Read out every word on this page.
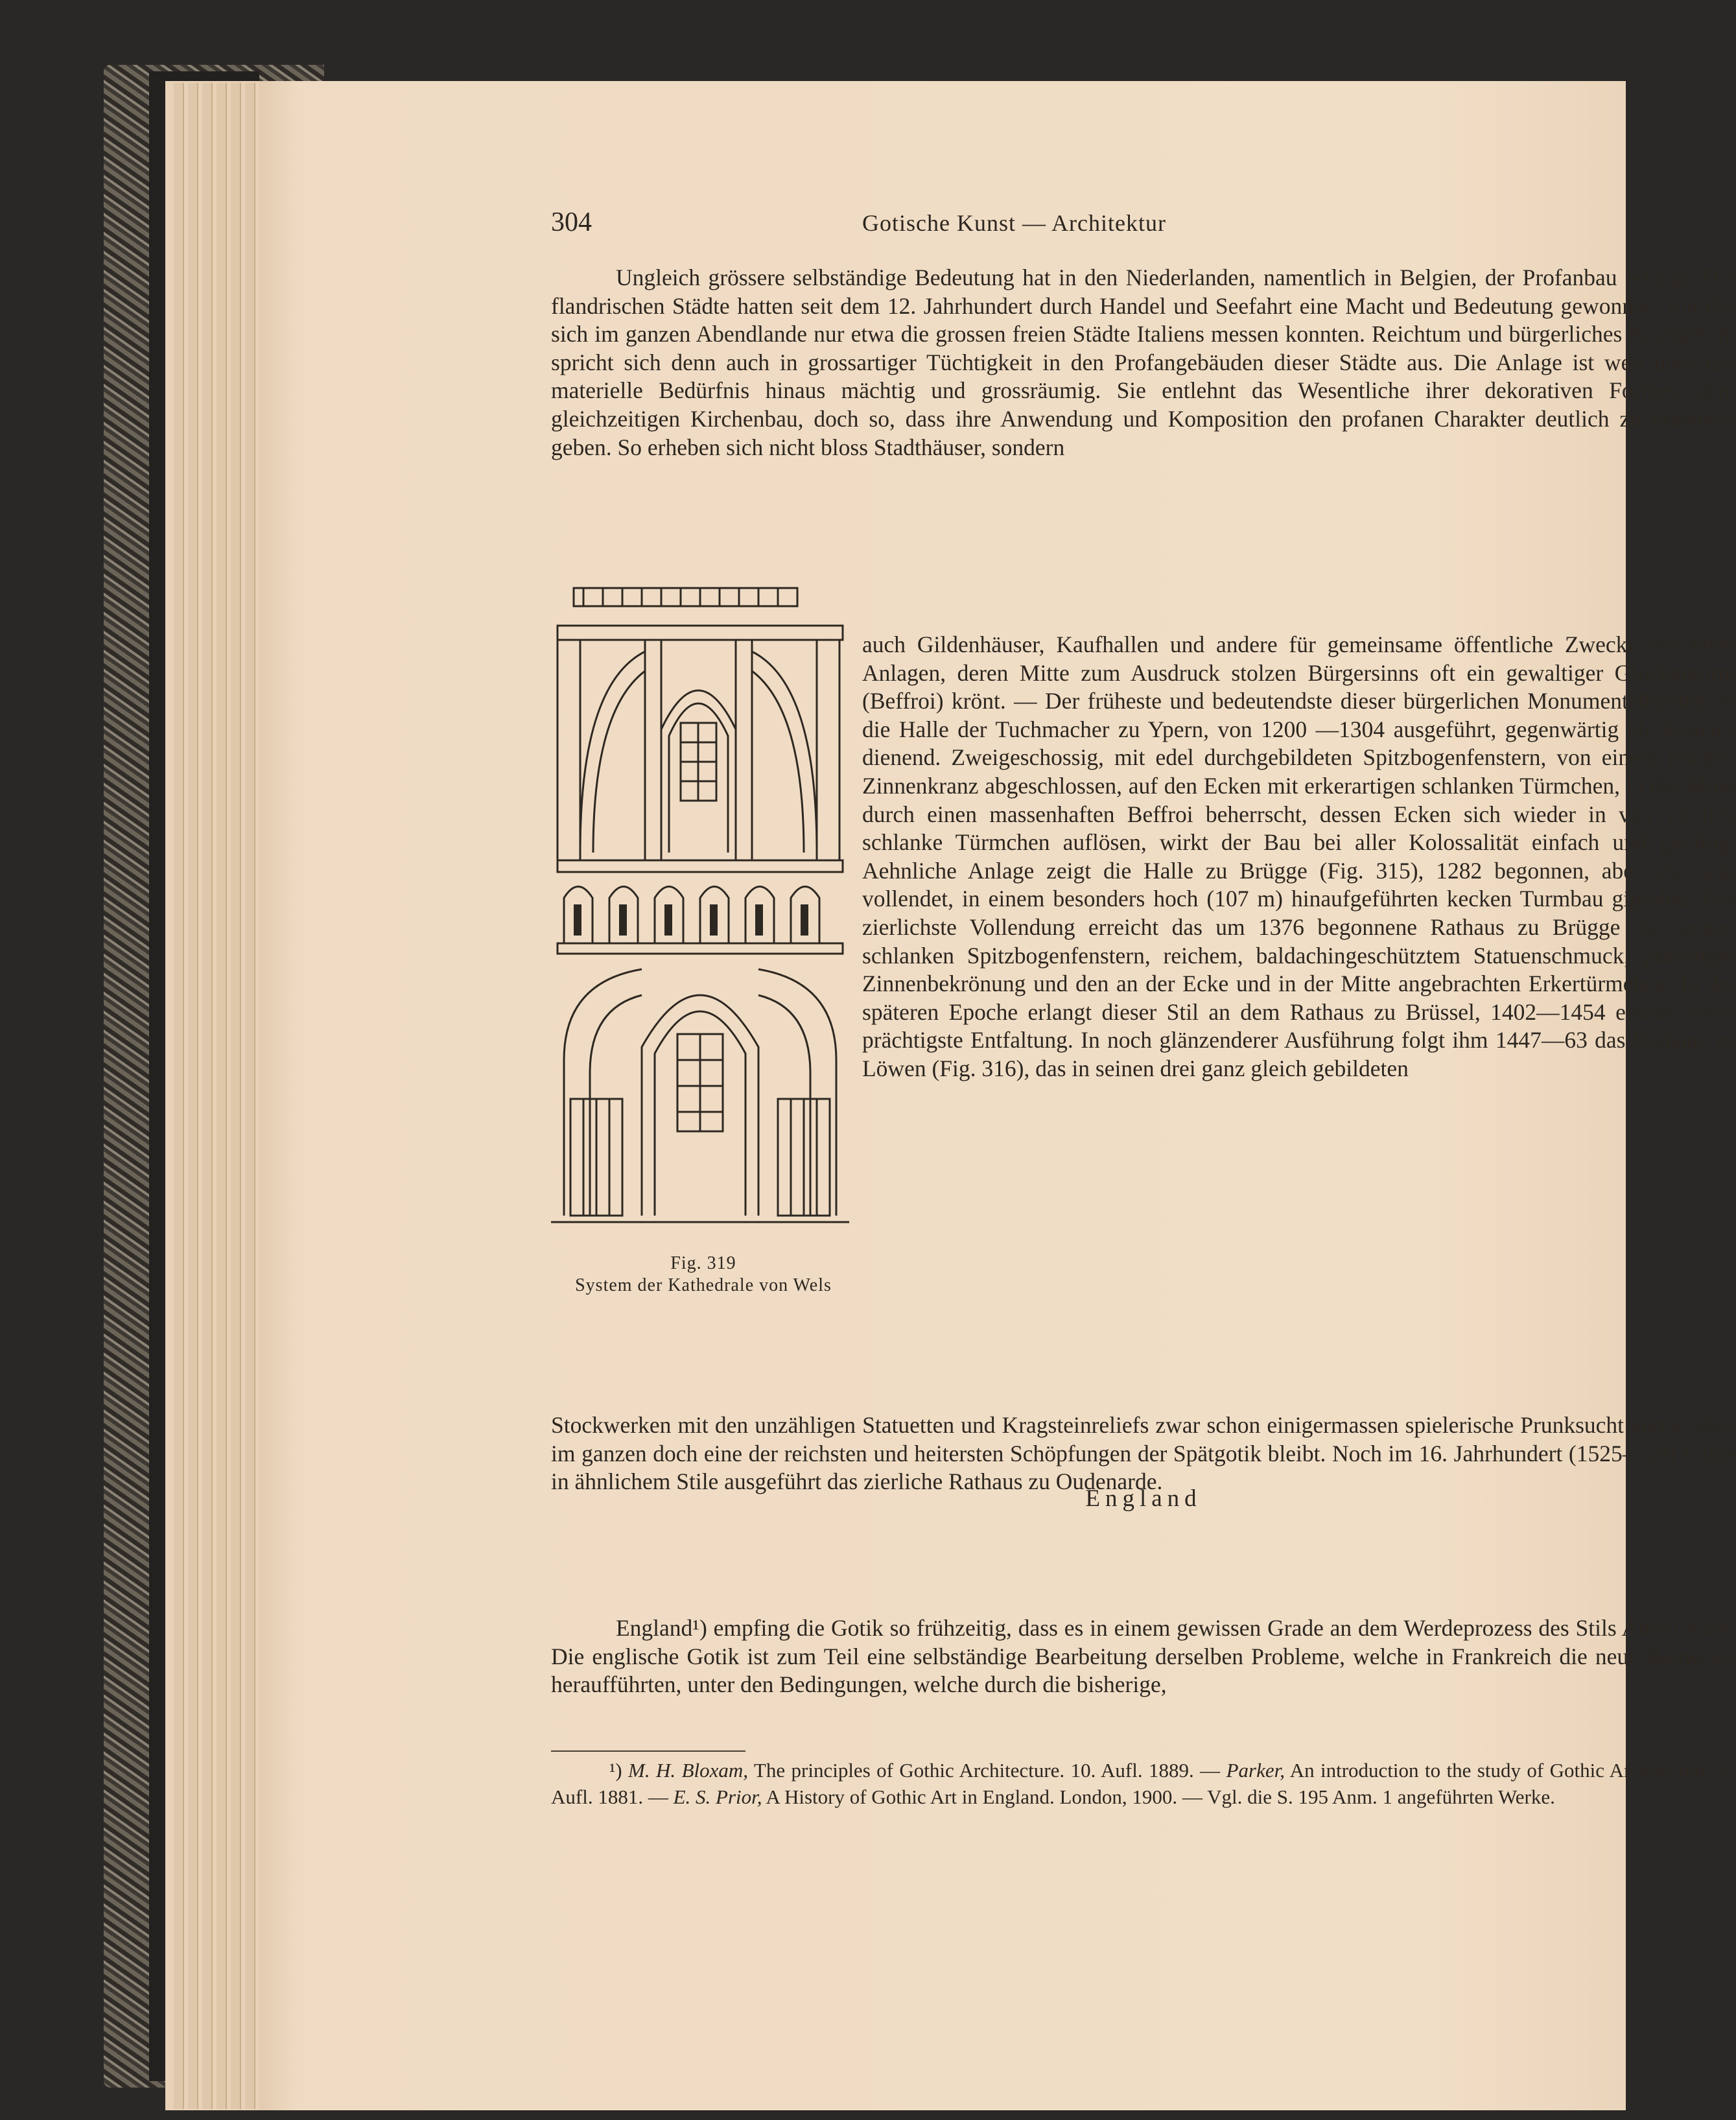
304	Gotische Kunst — Architektur

Ungleich grössere selbständige Bedeutung hat in den Niederlanden, namentlich in Belgien, der Profanbau erlangt. Die flandrischen Städte hatten seit dem 12. Jahrhundert durch Handel und Seefahrt eine Macht und Bedeutung gewonnen, mit der sich im ganzen Abendlande nur etwa die grossen freien Städte Italiens messen konnten. Reichtum und bürgerliches Kraftgefühl spricht sich denn auch in grossartiger Tüchtigkeit in den Profangebäuden dieser Städte aus. Die Anlage ist weit über das materielle Bedürfnis hinaus mächtig und grossräumig. Sie entlehnt das Wesentliche ihrer dekorativen Formen dem gleichzeitigen Kirchenbau, doch so, dass ihre Anwendung und Komposition den profanen Charakter deutlich zu erkennen geben. So erheben sich nicht bloss Stadthäuser, sondern

Fig. 319
System der Kathedrale von Wels

auch Gildenhäuser, Kaufhallen und andere für gemeinsame öffentliche Zwecke errichtete Anlagen, deren Mitte zum Ausdruck stolzen Bürgersinns oft ein gewaltiger Glockenturm (Beffroi) krönt. — Der früheste und bedeutendste dieser bürgerlichen Monumentalbauten ist die Halle der Tuchmacher zu Ypern, von 1200 —1304 ausgeführt, gegenwärtig als Rathaus dienend. Zweigeschossig, mit edel durchgebildeten Spitzbogenfenstern, von einem reichen Zinnenkranz abgeschlossen, auf den Ecken mit erkerartigen schlanken Türmchen, in der Mitte durch einen massenhaften Beffroi beherrscht, dessen Ecken sich wieder in vier zierlich schlanke Türmchen auflösen, wirkt der Bau bei aller Kolossalität einfach und gefällig. Aehnliche Anlage zeigt die Halle zu Brügge (Fig. 315), 1282 begonnen, aber erst spät vollendet, in einem besonders hoch (107 m) hinaufgeführten kecken Turmbau gipfelnd. Die zierlichste Vollendung erreicht das um 1376 begonnene Rathaus zu Brügge mit seinen schlanken Spitzbogenfenstern, reichem, baldachingeschütztem Statuenschmuck, prächtiger Zinnenbekrönung und den an der Ecke und in der Mitte angebrachten Erkertürmchen. In der späteren Epoche erlangt dieser Stil an dem Rathaus zu Brüssel, 1402—1454 erbaut, seine prächtigste Entfaltung. In noch glänzenderer Ausführung folgt ihm 1447—63 das Rathaus zu Löwen (Fig. 316), das in seinen drei ganz gleich gebildeten

Stockwerken mit den unzähligen Statuetten und Kragsteinreliefs zwar schon einigermassen spielerische Prunksucht verrät, aber im ganzen doch eine der reichsten und heitersten Schöpfungen der Spätgotik bleibt. Noch im 16. Jahrhundert (1525—29) folgte in ähnlichem Stile ausgeführt das zierliche Rathaus zu Oudenarde.

England

England¹) empfing die Gotik so frühzeitig, dass es in einem gewissen Grade an dem Werdeprozess des Stils Anteil hatte. Die englische Gotik ist zum Teil eine selbständige Bearbeitung derselben Probleme, welche in Frankreich die neue Bauweise heraufführten, unter den Bedingungen, welche durch die bisherige,

¹) M. H. Bloxam, The principles of Gothic Architecture. 10. Aufl. 1889. — Parker, An introduction to the study of Gothic Architecture. 6. Aufl. 1881. — E. S. Prior, A History of Gothic Art in England. London, 1900. — Vgl. die S. 195 Anm. 1 angeführten Werke.
